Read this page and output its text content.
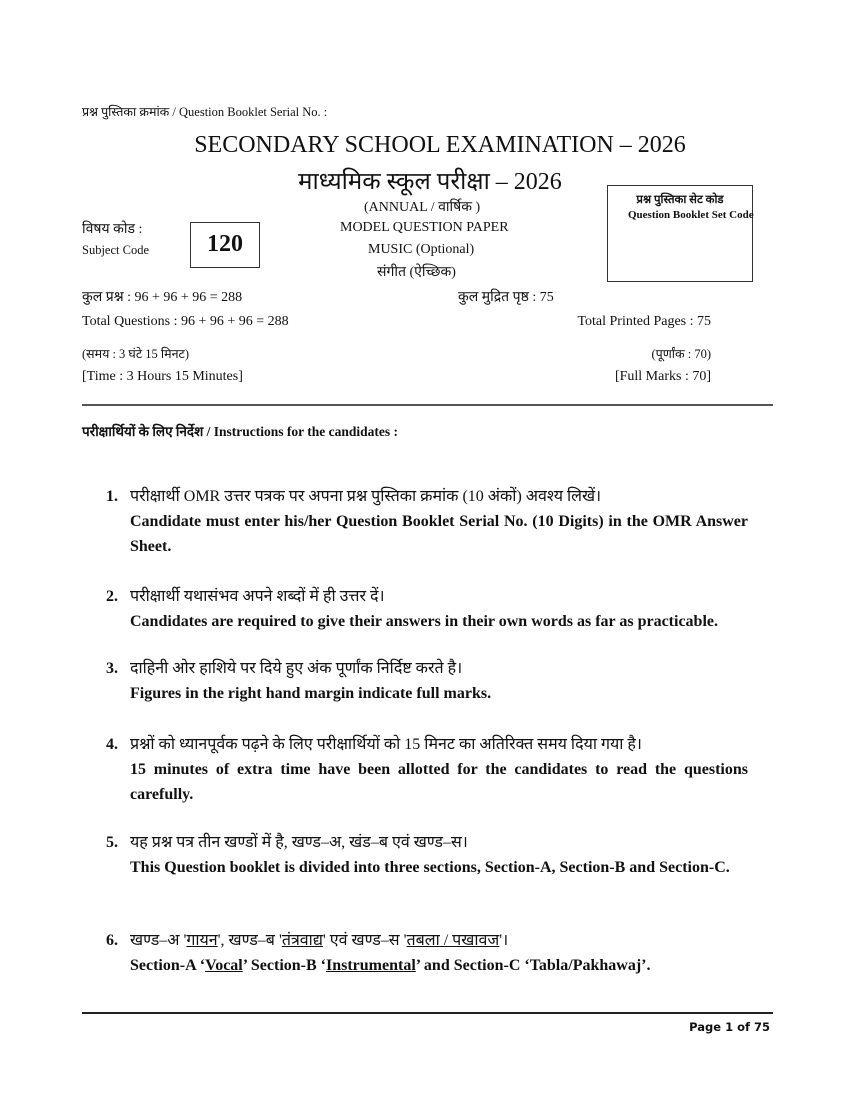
प्रश्न पुस्तिका क्रमांक / Question Booklet Serial No. :
SECONDARY SCHOOL EXAMINATION – 2026
माध्यमिक स्कूल परीक्षा – 2026
(ANNUAL / वार्षिक )	प्रश्न पुस्तिका सेट कोड
Question Booklet Set Code
विषय कोड :
Subject Code	120
MODEL QUESTION PAPER
MUSIC (Optional)
संगीत (ऐच्छिक)
कुल प्रश्न : 96 + 96 + 96 = 288	कुल मुद्रित पृष्ठ : 75
Total Questions : 96 + 96 + 96 = 288	Total Printed Pages : 75
(समय : 3 घंटे 15 मिनट)	(पूर्णांक : 70)
[Time : 3 Hours 15 Minutes]	[Full Marks : 70]
परीक्षार्थियों के लिए निर्देश / Instructions for the candidates :
1. परीक्षार्थी OMR उत्तर पत्रक पर अपना प्रश्न पुस्तिका क्रमांक (10 अंकों) अवश्य लिखें।
Candidate must enter his/her Question Booklet Serial No. (10 Digits) in the OMR Answer Sheet.
2. परीक्षार्थी यथासंभव अपने शब्दों में ही उत्तर दें।
Candidates are required to give their answers in their own words as far as practicable.
3. दाहिनी ओर हाशिये पर दिये हुए अंक पूर्णांक निर्दिष्ट करते है।
Figures in the right hand margin indicate full marks.
4. प्रश्नों को ध्यानपूर्वक पढ़ने के लिए परीक्षार्थियों को 15 मिनट का अतिरिक्त समय दिया गया है।
15 minutes of extra time have been allotted for the candidates to read the questions carefully.
5. यह प्रश्न पत्र तीन खण्डों में है, खण्ड–अ, खंड–ब एवं खण्ड–स।
This Question booklet is divided into three sections, Section-A, Section-B and Section-C.
6. खण्ड–अ 'गायन', खण्ड–ब 'तंत्रवाद्य' एवं खण्ड–स 'तबला / पखावज'।
Section-A ‘Vocal’ Section-B ‘Instrumental’ and Section-C ‘Tabla/Pakhawaj’.
Page 1 of 75
